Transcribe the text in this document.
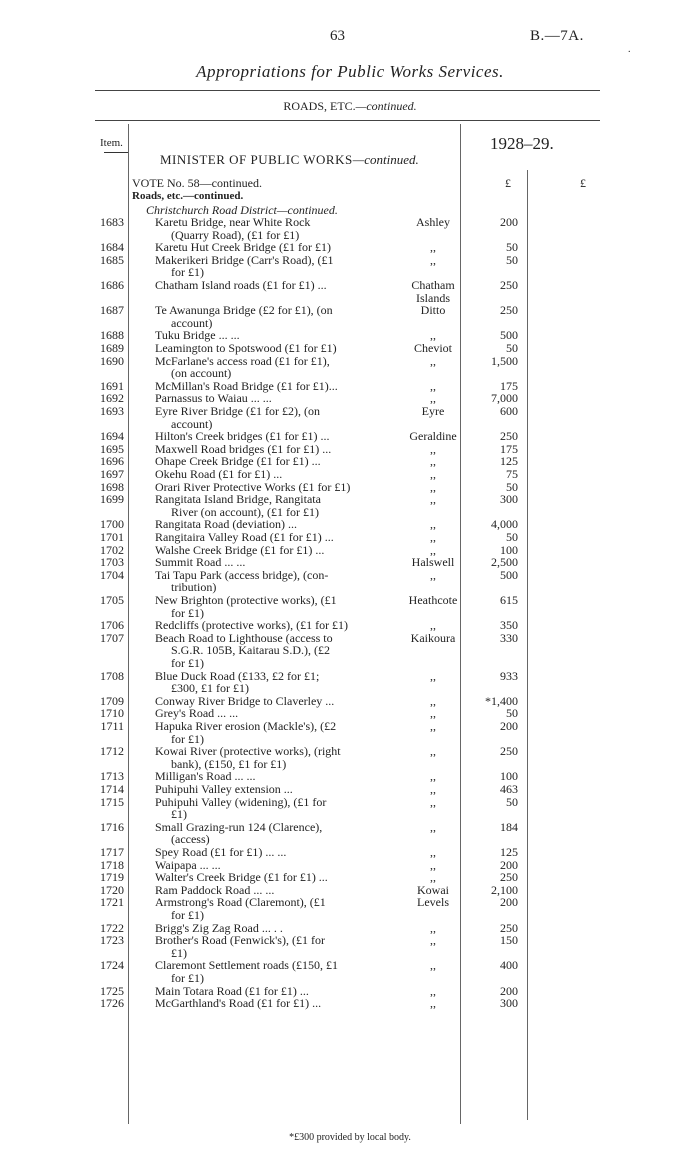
63	B.—7A.
.
Appropriations for Public Works Services.
ROADS, ETC.—continued.
Item.	1928–29.
MINISTER OF PUBLIC WORKS—continued.
VOTE No. 58—continued.
Roads, etc.—continued.
Christchurch Road District—continued.
£	£
1683	Karetu Bridge, near White Rock
(Quarry Road), (£1 for £1)
Ashley	200
1684	Karetu Hut Creek Bridge (£1 for £1)	,,	50
1685	Makerikeri Bridge (Carr's Road), (£1
for £1)
,,	50
1686	Chatham Island roads (£1 for £1) ...	Chatham
Islands
250
1687	Te Awanunga Bridge (£2 for £1), (on
account)
Ditto	250
1688	Tuku Bridge ... ...	,,	500
1689	Leamington to Spotswood (£1 for £1)	Cheviot	50
1690	McFarlane's access road (£1 for £1),
(on account)
,,	1,500
1691	McMillan's Road Bridge (£1 for £1)...	,,	175
1692	Parnassus to Waiau ... ...	,,	7,000
1693	Eyre River Bridge (£1 for £2), (on
account)
Eyre	600
1694	Hilton's Creek bridges (£1 for £1) ...	Geraldine	250
1695	Maxwell Road bridges (£1 for £1) ...	,,	175
1696	Ohape Creek Bridge (£1 for £1) ...	,,	125
1697	Okehu Road (£1 for £1) ...	,,	75
1698	Orari River Protective Works (£1 for £1)	,,	50
1699	Rangitata Island Bridge, Rangitata
River (on account), (£1 for £1)
,,	300
1700	Rangitata Road (deviation) ...	,,	4,000
1701	Rangitaira Valley Road (£1 for £1) ...	,,	50
1702	Walshe Creek Bridge (£1 for £1) ...	,,	100
1703	Summit Road ... ...	Halswell	2,500
1704	Tai Tapu Park (access bridge), (con-
tribution)
,,	500
1705	New Brighton (protective works), (£1
for £1)
Heathcote	615
1706	Redcliffs (protective works), (£1 for £1)	,,	350
1707	Beach Road to Lighthouse (access to
S.G.R. 105B, Kaitarau S.D.), (£2
for £1)
Kaikoura	330
1708	Blue Duck Road (£133, £2 for £1;
£300, £1 for £1)
,,	933
1709	Conway River Bridge to Claverley ...	,,	*1,400
1710	Grey's Road ... ...	,,	50
1711	Hapuka River erosion (Mackle's), (£2
for £1)
,,	200
1712	Kowai River (protective works), (right
bank), (£150, £1 for £1)
,,	250
1713	Milligan's Road ... ...	,,	100
1714	Puhipuhi Valley extension ...	,,	463
1715	Puhipuhi Valley (widening), (£1 for
£1)
,,	50
1716	Small Grazing-run 124 (Clarence),
(access)
,,	184
1717	Spey Road (£1 for £1) ... ...	,,	125
1718	Waipapa ... ...	,,	200
1719	Walter's Creek Bridge (£1 for £1) ...	,,	250
1720	Ram Paddock Road ... ...	Kowai	2,100
1721	Armstrong's Road (Claremont), (£1
for £1)
Levels	200
1722	Brigg's Zig Zag Road ... . .	,,	250
1723	Brother's Road (Fenwick's), (£1 for
£1)
,,	150
1724	Claremont Settlement roads (£150, £1
for £1)
,,	400
1725	Main Totara Road (£1 for £1) ...	,,	200
1726	McGarthland's Road (£1 for £1) ...	,,	300
*£300 provided by local body.
